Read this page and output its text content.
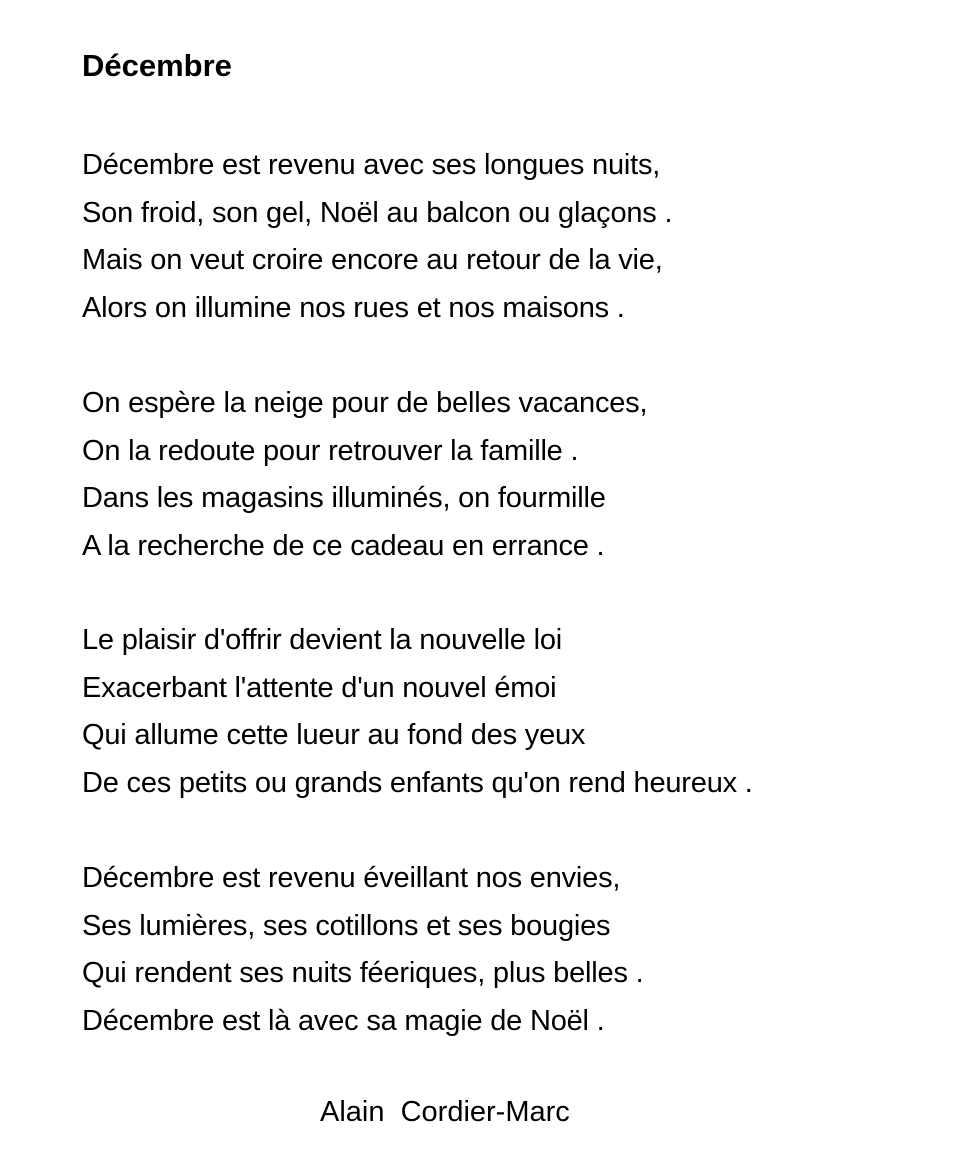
Décembre
Décembre est revenu avec ses longues nuits,
Son froid, son gel, Noël au balcon ou glaçons .
Mais on veut croire encore au retour de la vie,
Alors on illumine nos rues et nos maisons .
On espère la neige pour de belles vacances,
On la redoute pour retrouver la famille .
Dans les magasins illuminés, on fourmille
A la recherche de ce cadeau en errance .
Le plaisir d'offrir devient la nouvelle loi
Exacerbant l'attente d'un nouvel émoi
Qui allume cette lueur au fond des yeux
De ces petits ou grands enfants qu'on rend heureux .
Décembre est revenu éveillant nos envies,
Ses lumières, ses cotillons et ses bougies
Qui rendent ses nuits féeriques, plus belles .
Décembre est là avec sa magie de Noël .

Alain  Cordier-Marc
